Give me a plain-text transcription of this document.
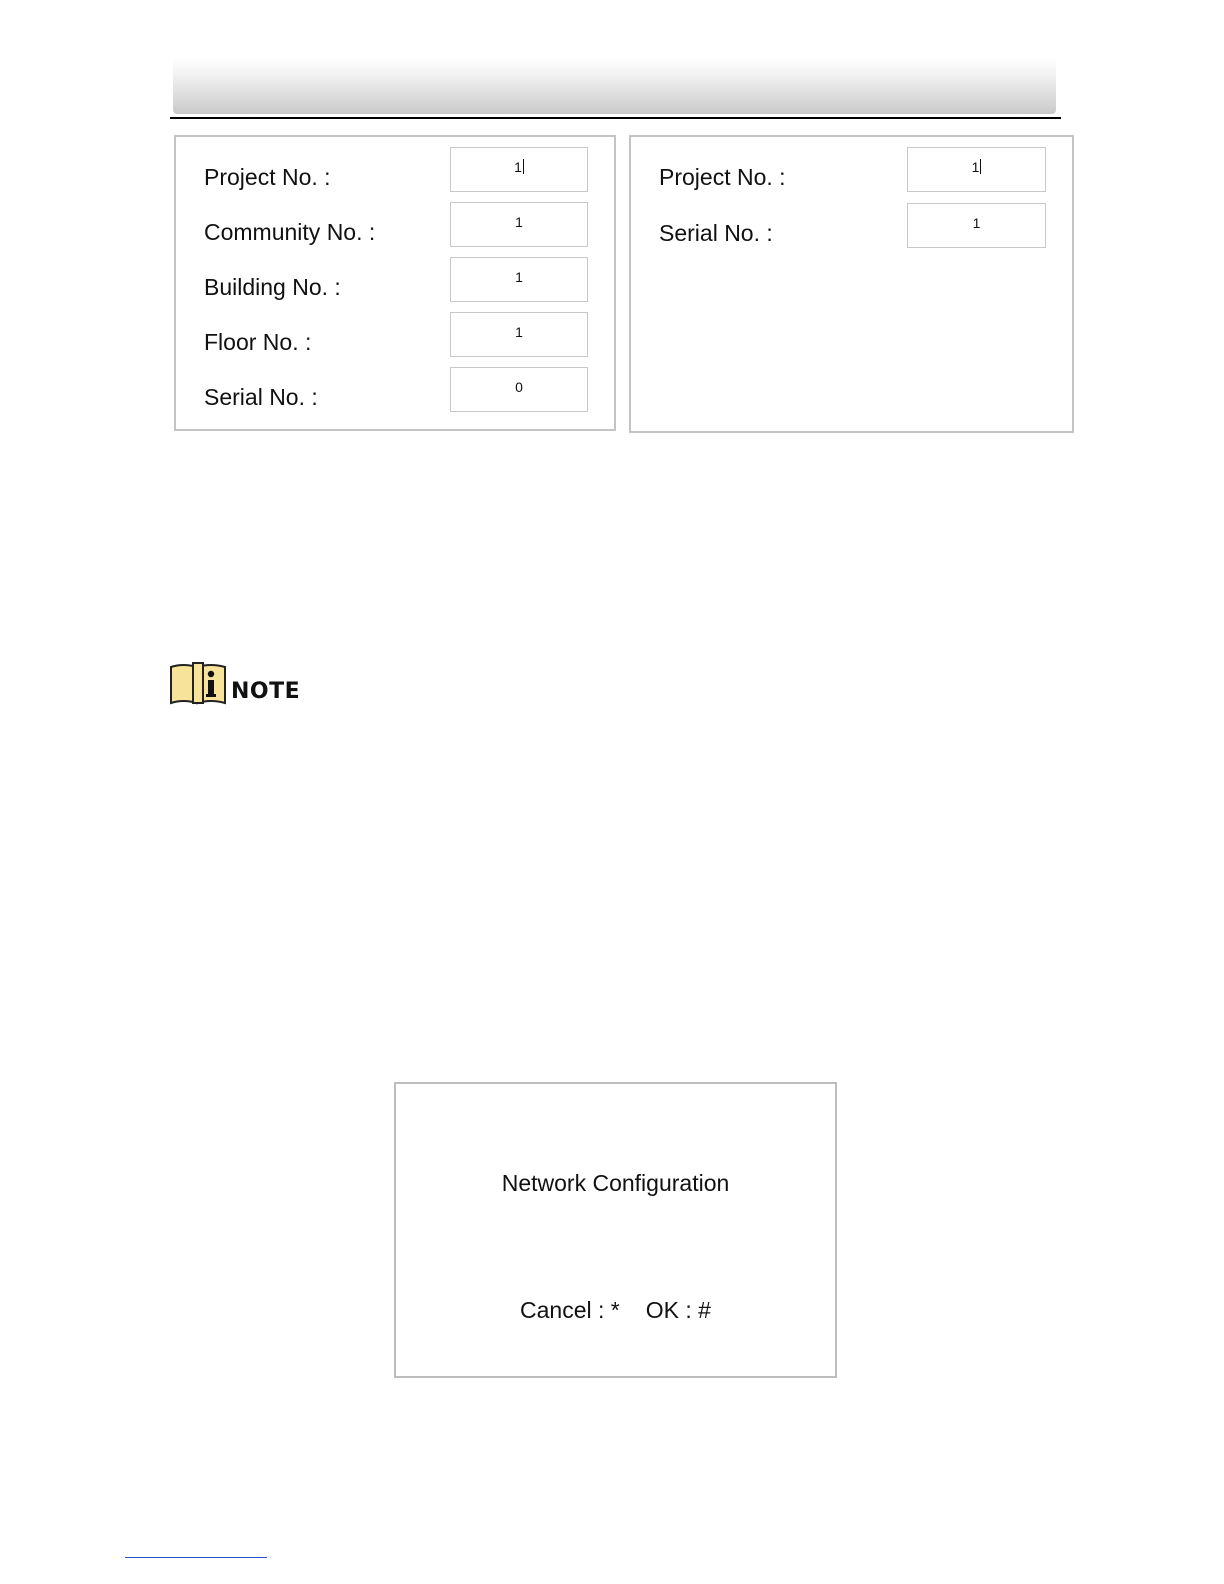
Project No. :	1
Community No. :	1
Building No. :	1
Floor No. :	1
Serial No. :	0
Project No. :	1
Serial No. :	1
NOTE
Network Configuration
Cancel : * OK : #
